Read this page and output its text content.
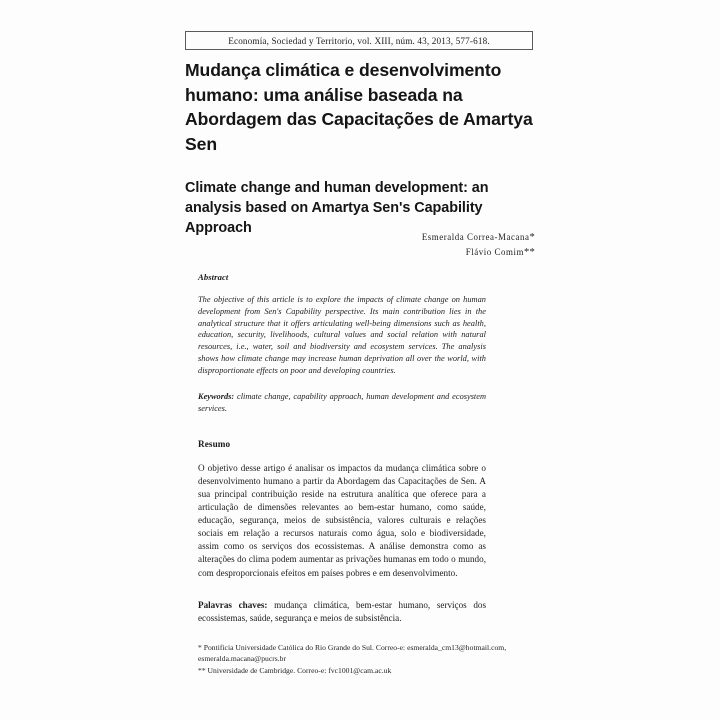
Economía, Sociedad y Territorio, vol. XIII, núm. 43, 2013, 577-618.
Mudança climática e desenvolvimento humano: uma análise baseada na Abordagem das Capacitações de Amartya Sen
Climate change and human development: an analysis based on Amartya Sen's Capability Approach
Esmeralda Correa-Macana*
Flávio Comim**

Abstract

The objective of this article is to explore the impacts of climate change on human development from Sen's Capability perspective. Its main contribution lies in the analytical structure that it offers articulating well-being dimensions such as health, education, security, livelihoods, cultural values and social relation with natural resources, i.e., water, soil and biodiversity and ecosystem services. The analysis shows how climate change may increase human deprivation all over the world, with disproportionate effects on poor and developing countries.

Keywords: climate change, capability approach, human development and ecosystem services.

Resumo

O objetivo desse artigo é analisar os impactos da mudança climática sobre o desenvolvimento humano a partir da Abordagem das Capacitações de Sen. A sua principal contribuição reside na estrutura analítica que oferece para a articulação de dimensões relevantes ao bem-estar humano, como saúde, educação, segurança, meios de subsistência, valores culturais e relações sociais em relação a recursos naturais como água, solo e biodiversidade, assim como os serviços dos ecossistemas. A análise demonstra como as alterações do clima podem aumentar as privações humanas em todo o mundo, com desproporcionais efeitos em países pobres e em desenvolvimento.

Palavras chaves: mudança climática, bem-estar humano, serviços dos ecossistemas, saúde, segurança e meios de subsistência.

* Pontificia Universidade Católica do Rio Grande do Sul. Correo-e: esmeralda_cm13@hotmail.com, esmeralda.macana@pucrs.br

** Universidade de Cambridge. Correo-e: fvc1001@cam.ac.uk
